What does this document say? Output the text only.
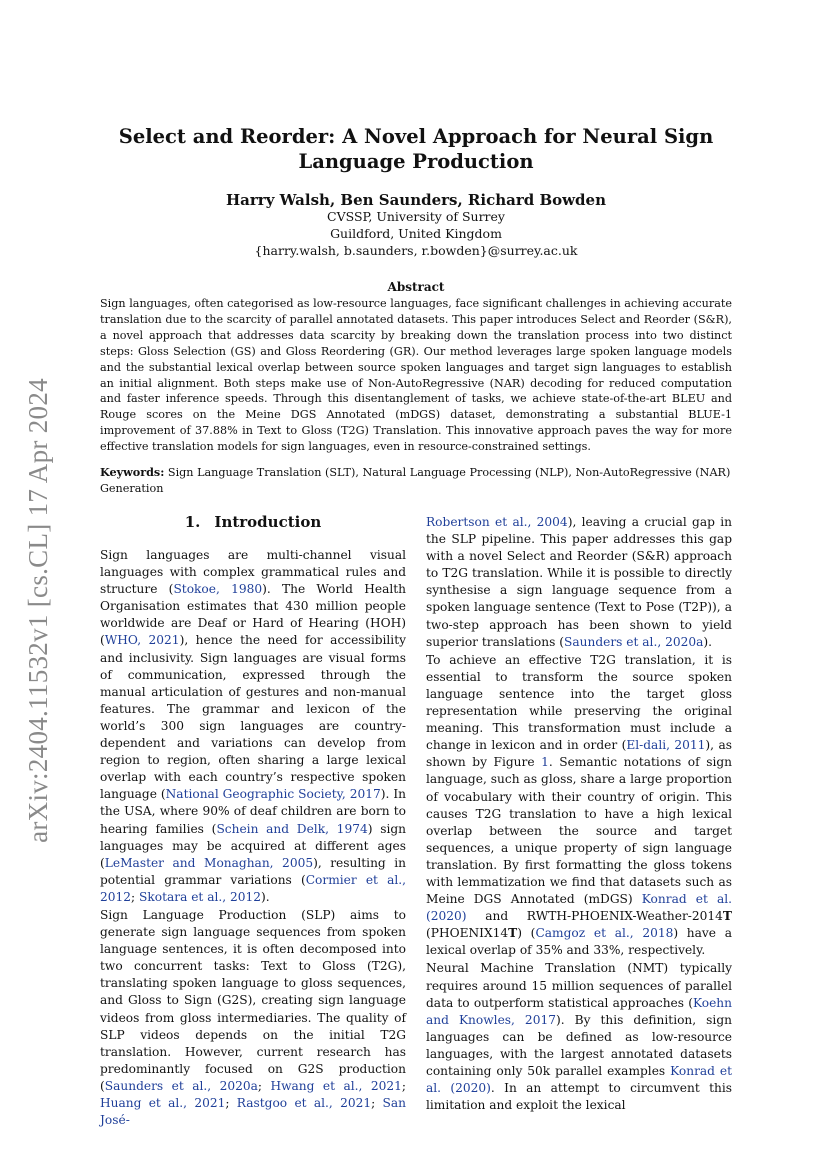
arXiv:2404.11532v1 [cs.CL] 17 Apr 2024
Select and Reorder: A Novel Approach for Neural Sign
Language Production
Harry Walsh, Ben Saunders, Richard Bowden
CVSSP, University of Surrey
Guildford, United Kingdom
{harry.walsh, b.saunders, r.bowden}@surrey.ac.uk
Abstract
Sign languages, often categorised as low-resource languages, face significant challenges in achieving accurate translation due to the scarcity of parallel annotated datasets. This paper introduces Select and Reorder (S&R), a novel approach that addresses data scarcity by breaking down the translation process into two distinct steps: Gloss Selection (GS) and Gloss Reordering (GR). Our method leverages large spoken language models and the substantial lexical overlap between source spoken languages and target sign languages to establish an initial alignment. Both steps make use of Non-AutoRegressive (NAR) decoding for reduced computation and faster inference speeds. Through this disentanglement of tasks, we achieve state-of-the-art BLEU and Rouge scores on the Meine DGS Annotated (mDGS) dataset, demonstrating a substantial BLUE-1 improvement of 37.88% in Text to Gloss (T2G) Translation. This innovative approach paves the way for more effective translation models for sign languages, even in resource-constrained settings.
Keywords: Sign Language Translation (SLT), Natural Language Processing (NLP), Non-AutoRegressive (NAR) Generation
1. Introduction

Sign languages are multi-channel visual languages with complex grammatical rules and structure (Stokoe, 1980). The World Health Organisation estimates that 430 million people worldwide are Deaf or Hard of Hearing (HOH) (WHO, 2021), hence the need for accessibility and inclusivity. Sign languages are visual forms of communication, expressed through the manual articulation of gestures and non-manual features. The grammar and lexicon of the world’s 300 sign languages are country-dependent and variations can develop from region to region, often sharing a large lexical overlap with each country’s respective spoken language (National Geographic Society, 2017). In the USA, where 90% of deaf children are born to hearing families (Schein and Delk, 1974) sign languages may be acquired at different ages (LeMaster and Monaghan, 2005), resulting in potential grammar variations (Cormier et al., 2012; Skotara et al., 2012).

Sign Language Production (SLP) aims to generate sign language sequences from spoken language sentences, it is often decomposed into two concurrent tasks: Text to Gloss (T2G), translating spoken language to gloss sequences, and Gloss to Sign (G2S), creating sign language videos from gloss intermediaries. The quality of SLP videos depends on the initial T2G translation. However, current research has predominantly focused on G2S production (Saunders et al., 2020a; Hwang et al., 2021; Huang et al., 2021; Rastgoo et al., 2021; San José-

Robertson et al., 2004), leaving a crucial gap in the SLP pipeline. This paper addresses this gap with a novel Select and Reorder (S&R) approach to T2G translation. While it is possible to directly synthesise a sign language sequence from a spoken language sentence (Text to Pose (T2P)), a two-step approach has been shown to yield superior translations (Saunders et al., 2020a).

To achieve an effective T2G translation, it is essential to transform the source spoken language sentence into the target gloss representation while preserving the original meaning. This transformation must include a change in lexicon and in order (El-dali, 2011), as shown by Figure 1. Semantic notations of sign language, such as gloss, share a large proportion of vocabulary with their country of origin. This causes T2G translation to have a high lexical overlap between the source and target sequences, a unique property of sign language translation. By first formatting the gloss tokens with lemmatization we find that datasets such as Meine DGS Annotated (mDGS) Konrad et al. (2020) and RWTH-PHOENIX-Weather-2014T (PHOENIX14T) (Camgoz et al., 2018) have a lexical overlap of 35% and 33%, respectively.

Neural Machine Translation (NMT) typically requires around 15 million sequences of parallel data to outperform statistical approaches (Koehn and Knowles, 2017). By this definition, sign languages can be defined as low-resource languages, with the largest annotated datasets containing only 50k parallel examples Konrad et al. (2020). In an attempt to circumvent this limitation and exploit the lexical
